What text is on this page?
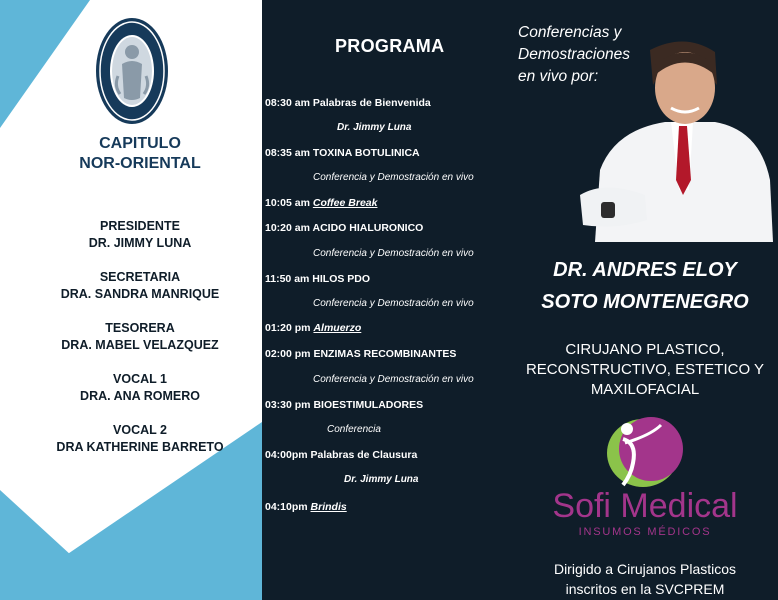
CAPITULO
NOR-ORIENTAL
PRESIDENTE
DR. JIMMY LUNA
SECRETARIA
DRA. SANDRA MANRIQUE
TESORERA
DRA. MABEL VELAZQUEZ
VOCAL 1
DRA. ANA ROMERO
VOCAL 2
DRA KATHERINE BARRETO
PROGRAMA
08:30 am Palabras de Bienvenida
Dr. Jimmy Luna
08:35 am TOXINA BOTULINICA
Conferencia y Demostración en vivo
10:05 am Coffee Break
10:20 am ACIDO HIALURONICO
Conferencia y Demostración en vivo
11:50 am HILOS PDO
Conferencia y Demostración en vivo
01:20 pm Almuerzo
02:00 pm ENZIMAS RECOMBINANTES
Conferencia y Demostración en vivo
03:30 pm BIOESTIMULADORES
Conferencia
04:00pm Palabras de Clausura
Dr. Jimmy Luna
04:10pm Brindis
Conferencias y
Demostraciones
en vivo por:
DR. ANDRES ELOY
SOTO MONTENEGRO
CIRUJANO PLASTICO,
RECONSTRUCTIVO, ESTETICO Y
MAXILOFACIAL
Sofi Medical
INSUMOS MÉDICOS
Dirigido a Cirujanos Plasticos
inscritos en la SVCPREM
